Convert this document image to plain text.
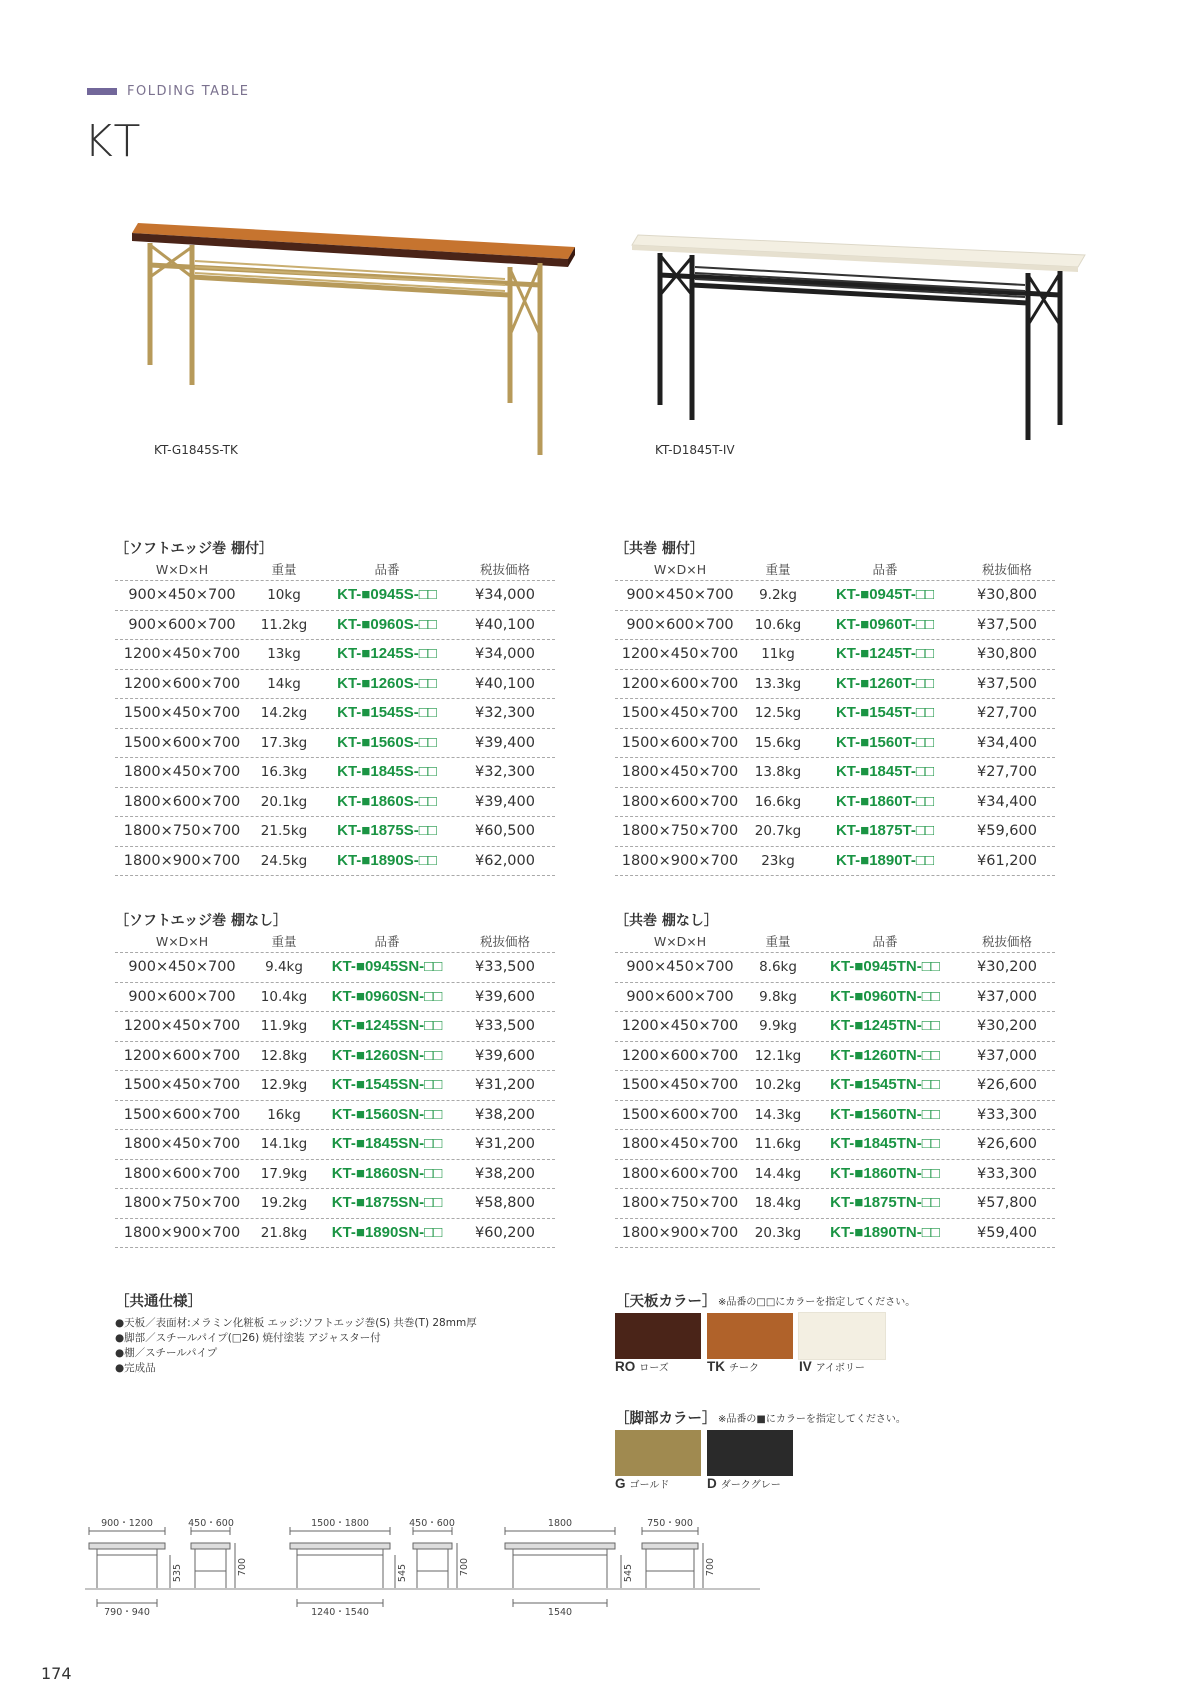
FOLDING TABLE
KT
KT-G1845S-TK	KT-D1845T-IV
［ソフトエッジ巻 棚付］
W×D×H	重量	品番	税抜価格
900×450×700	10kg	KT-■0945S-□□	¥34,000
900×600×700	11.2kg	KT-■0960S-□□	¥40,100
1200×450×700	13kg	KT-■1245S-□□	¥34,000
1200×600×700	14kg	KT-■1260S-□□	¥40,100
1500×450×700	14.2kg	KT-■1545S-□□	¥32,300
1500×600×700	17.3kg	KT-■1560S-□□	¥39,400
1800×450×700	16.3kg	KT-■1845S-□□	¥32,300
1800×600×700	20.1kg	KT-■1860S-□□	¥39,400
1800×750×700	21.5kg	KT-■1875S-□□	¥60,500
1800×900×700	24.5kg	KT-■1890S-□□	¥62,000
［共巻 棚付］
W×D×H	重量	品番	税抜価格
900×450×700	9.2kg	KT-■0945T-□□	¥30,800
900×600×700	10.6kg	KT-■0960T-□□	¥37,500
1200×450×700	11kg	KT-■1245T-□□	¥30,800
1200×600×700	13.3kg	KT-■1260T-□□	¥37,500
1500×450×700	12.5kg	KT-■1545T-□□	¥27,700
1500×600×700	15.6kg	KT-■1560T-□□	¥34,400
1800×450×700	13.8kg	KT-■1845T-□□	¥27,700
1800×600×700	16.6kg	KT-■1860T-□□	¥34,400
1800×750×700	20.7kg	KT-■1875T-□□	¥59,600
1800×900×700	23kg	KT-■1890T-□□	¥61,200
［ソフトエッジ巻 棚なし］
W×D×H	重量	品番	税抜価格
900×450×700	9.4kg	KT-■0945SN-□□	¥33,500
900×600×700	10.4kg	KT-■0960SN-□□	¥39,600
1200×450×700	11.9kg	KT-■1245SN-□□	¥33,500
1200×600×700	12.8kg	KT-■1260SN-□□	¥39,600
1500×450×700	12.9kg	KT-■1545SN-□□	¥31,200
1500×600×700	16kg	KT-■1560SN-□□	¥38,200
1800×450×700	14.1kg	KT-■1845SN-□□	¥31,200
1800×600×700	17.9kg	KT-■1860SN-□□	¥38,200
1800×750×700	19.2kg	KT-■1875SN-□□	¥58,800
1800×900×700	21.8kg	KT-■1890SN-□□	¥60,200
［共巻 棚なし］
W×D×H	重量	品番	税抜価格
900×450×700	8.6kg	KT-■0945TN-□□	¥30,200
900×600×700	9.8kg	KT-■0960TN-□□	¥37,000
1200×450×700	9.9kg	KT-■1245TN-□□	¥30,200
1200×600×700	12.1kg	KT-■1260TN-□□	¥37,000
1500×450×700	10.2kg	KT-■1545TN-□□	¥26,600
1500×600×700	14.3kg	KT-■1560TN-□□	¥33,300
1800×450×700	11.6kg	KT-■1845TN-□□	¥26,600
1800×600×700	14.4kg	KT-■1860TN-□□	¥33,300
1800×750×700	18.4kg	KT-■1875TN-□□	¥57,800
1800×900×700	20.3kg	KT-■1890TN-□□	¥59,400
［共通仕様］
●天板／表面材:メラミン化粧板 エッジ:ソフトエッジ巻(S) 共巻(T) 28mm厚
●脚部／スチールパイプ(□26) 焼付塗装 アジャスター付
●棚／スチールパイプ
●完成品
［天板カラー］ ※品番の□□にカラーを指定してください。
RO ローズ	TK チーク	IV アイボリー
［脚部カラー］ ※品番の■にカラーを指定してください。
G ゴールド	D ダークグレー
900・1200	450・600
790・940
535	700
1500・1800	450・600
1240・1540
545	700
1800	750・900
1540
545	700
174
